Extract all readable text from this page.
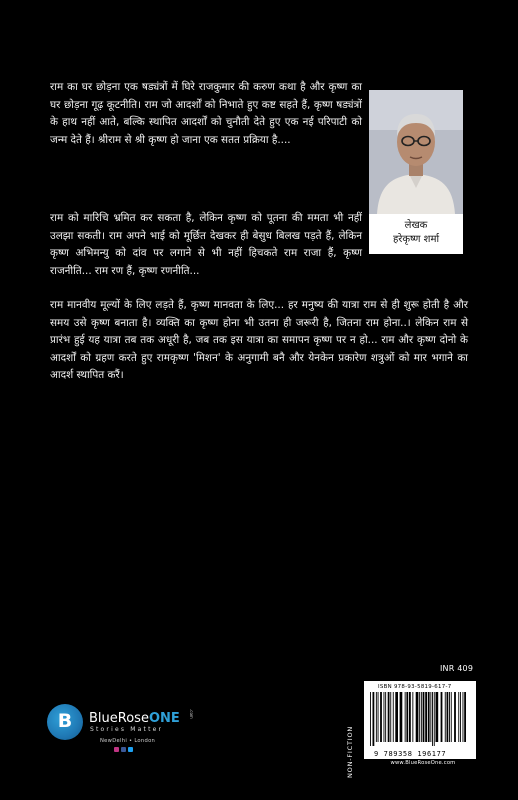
राम का घर छोड़ना एक षड्यंत्रों में घिरे राजकुमार की करुण कथा है और कृष्ण का घर छोड़ना गूढ़ कूटनीति। राम जो आदर्शों को निभाते हुए कष्ट सहते हैं, कृष्ण षड्यंत्रों के हाथ नहीं आते, बल्कि स्थापित आदर्शों को चुनौती देते हुए एक नई परिपाटी को जन्म देते हैं। श्रीराम से श्री कृष्ण हो जाना एक सतत प्रक्रिया है....

राम को मारिचि भ्रमित कर सकता है, लेकिन कृष्ण को पूतना की ममता भी नहीं उलझा सकती। राम अपने भाई को मूर्छित देखकर ही बेसुध बिलख पड़ते हैं, लेकिन कृष्ण अभिमन्यु को दांव पर लगाने से भी नहीं हिचकते राम राजा हैं, कृष्ण राजनीति... राम रण हैं, कृष्ण रणनीति...

राम मानवीय मूल्यों के लिए लड़ते हैं, कृष्ण मानवता के लिए... हर मनुष्य की यात्रा राम से ही शुरू होती है और समय उसे कृष्ण बनाता है। व्यक्ति का कृष्ण होना भी उतना ही जरूरी है, जितना राम होना..। लेकिन राम से प्रारंभ हुई यह यात्रा तब तक अधूरी है, जब तक इस यात्रा का समापन कृष्ण पर न हो... राम और कृष्ण दोनो के आदर्शों को ग्रहण करते हुए रामकृष्ण 'मिशन' के अनुगामी बनै और येनकेन प्रकारेण शत्रुओं को मार भगाने का आदर्श स्थापित करैं।

लेखक
हरेकृष्ण शर्मा
INR 409
NON-FICTION
ISBN 978-93-5819-617-7
9 789358 196177
www.BlueRoseOne.com
B	BlueRoseONE .com
Stories Matter
NewDelhi • London
